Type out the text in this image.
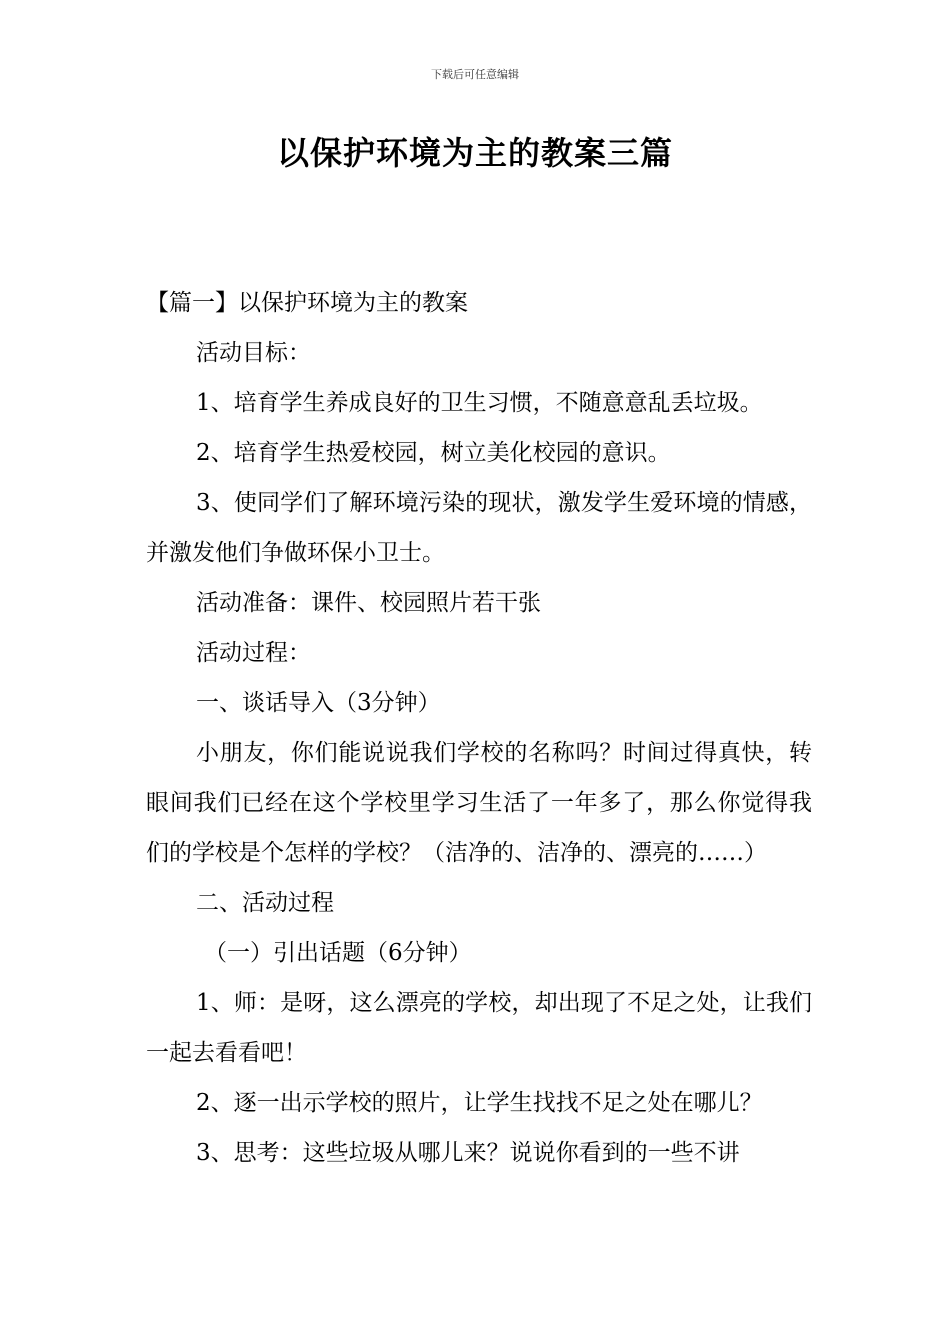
下载后可任意编辑
以保护环境为主的教案三篇

【篇一】以保护环境为主的教案

活动目标：

1、培育学生养成良好的卫生习惯，不随意意乱丢垃圾。

2、培育学生热爱校园，树立美化校园的意识。

3、使同学们了解环境污染的现状，激发学生爱环境的情感，并激发他们争做环保小卫士。

活动准备：课件、校园照片若干张

活动过程：

一、谈话导入（3分钟）

小朋友，你们能说说我们学校的名称吗？时间过得真快，转眼间我们已经在这个学校里学习生活了一年多了，那么你觉得我们的学校是个怎样的学校？（洁净的、洁净的、漂亮的……）

二、活动过程

（一）引出话题（6分钟）

1、师：是呀，这么漂亮的学校，却出现了不足之处，让我们一起去看看吧！

2、逐一出示学校的照片，让学生找找不足之处在哪儿？

3、思考：这些垃圾从哪儿来？说说你看到的一些不讲
